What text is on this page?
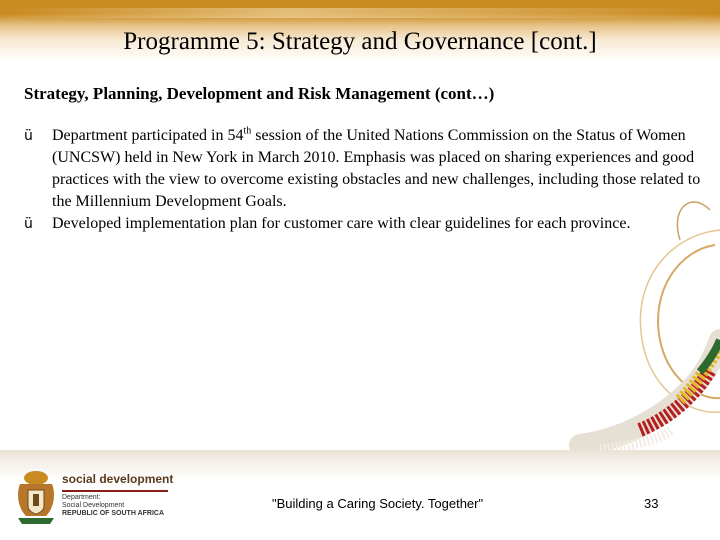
Programme 5: Strategy and Governance [cont.]

Strategy, Planning, Development and Risk Management (cont…)

ü Department participated in 54th session of the United Nations Commission on the Status of Women (UNCSW) held in New York in March 2010. Emphasis was placed on sharing experiences and good practices with the view to overcome existing obstacles and new challenges, including those related to the Millennium Development Goals.
ü Developed implementation plan for customer care with clear guidelines for each province.
social development
Department:
Social Development
REPUBLIC OF SOUTH AFRICA
"Building a Caring Society. Together"	33
